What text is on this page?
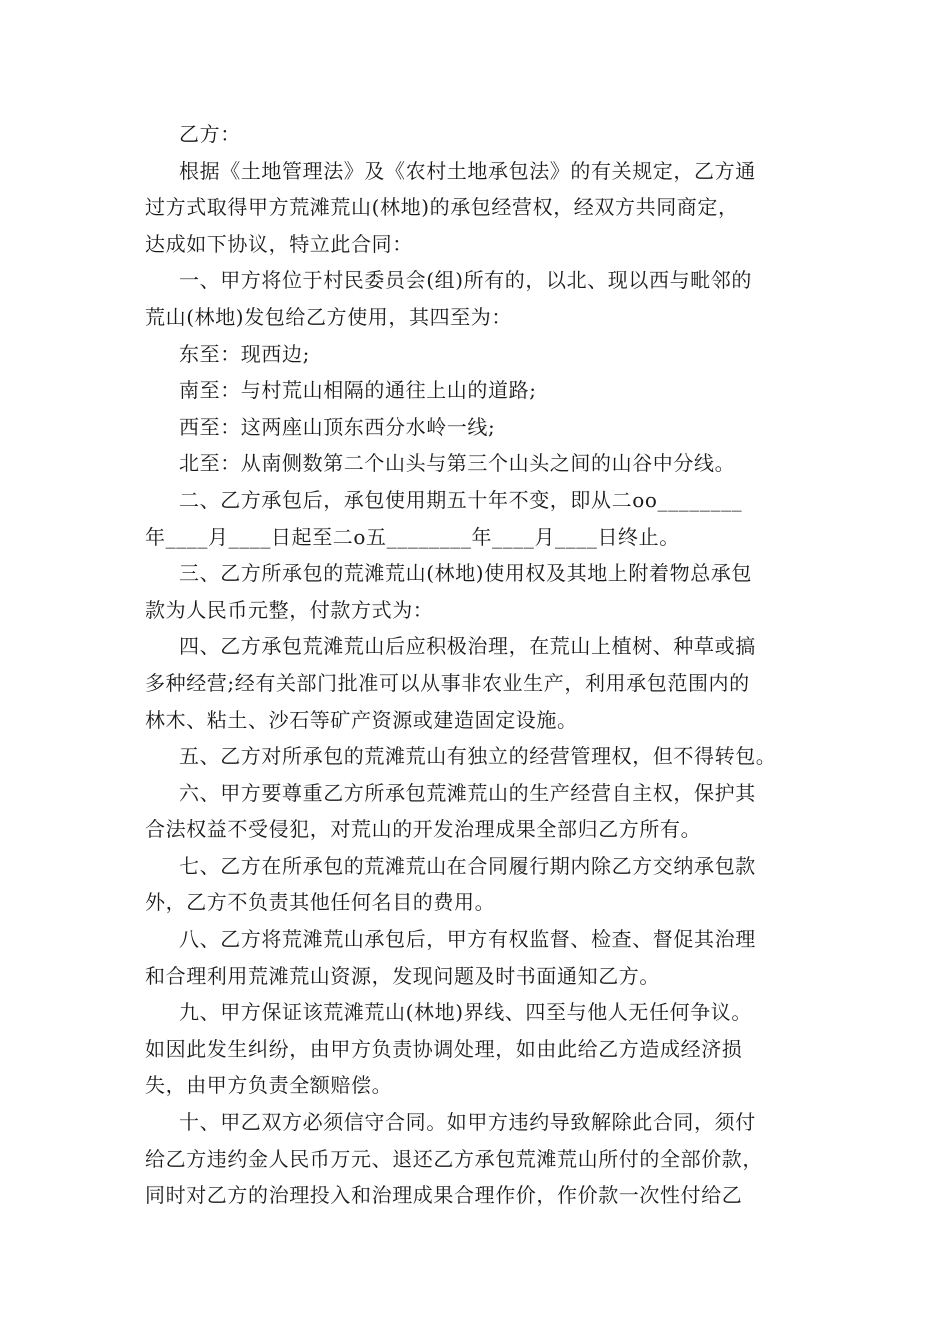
乙方：
根据《土地管理法》及《农村土地承包法》的有关规定，乙方通
过方式取得甲方荒滩荒山(林地)的承包经营权，经双方共同商定，
达成如下协议，特立此合同：
一、甲方将位于村民委员会(组)所有的，以北、现以西与毗邻的
荒山(林地)发包给乙方使用，其四至为：
东至：现西边;
南至：与村荒山相隔的通往上山的道路;
西至：这两座山顶东西分水岭一线;
北至：从南侧数第二个山头与第三个山头之间的山谷中分线。
二、乙方承包后，承包使用期五十年不变，即从二oo________
年____月____日起至二o五________年____月____日终止。
三、乙方所承包的荒滩荒山(林地)使用权及其地上附着物总承包
款为人民币元整，付款方式为：
四、乙方承包荒滩荒山后应积极治理，在荒山上植树、种草或搞
多种经营;经有关部门批准可以从事非农业生产，利用承包范围内的
林木、粘土、沙石等矿产资源或建造固定设施。
五、乙方对所承包的荒滩荒山有独立的经营管理权，但不得转包。
六、甲方要尊重乙方所承包荒滩荒山的生产经营自主权，保护其
合法权益不受侵犯，对荒山的开发治理成果全部归乙方所有。
七、乙方在所承包的荒滩荒山在合同履行期内除乙方交纳承包款
外，乙方不负责其他任何名目的费用。
八、乙方将荒滩荒山承包后，甲方有权监督、检查、督促其治理
和合理利用荒滩荒山资源，发现问题及时书面通知乙方。
九、甲方保证该荒滩荒山(林地)界线、四至与他人无任何争议。
如因此发生纠纷，由甲方负责协调处理，如由此给乙方造成经济损
失，由甲方负责全额赔偿。
十、甲乙双方必须信守合同。如甲方违约导致解除此合同，须付
给乙方违约金人民币万元、退还乙方承包荒滩荒山所付的全部价款，
同时对乙方的治理投入和治理成果合理作价，作价款一次性付给乙
